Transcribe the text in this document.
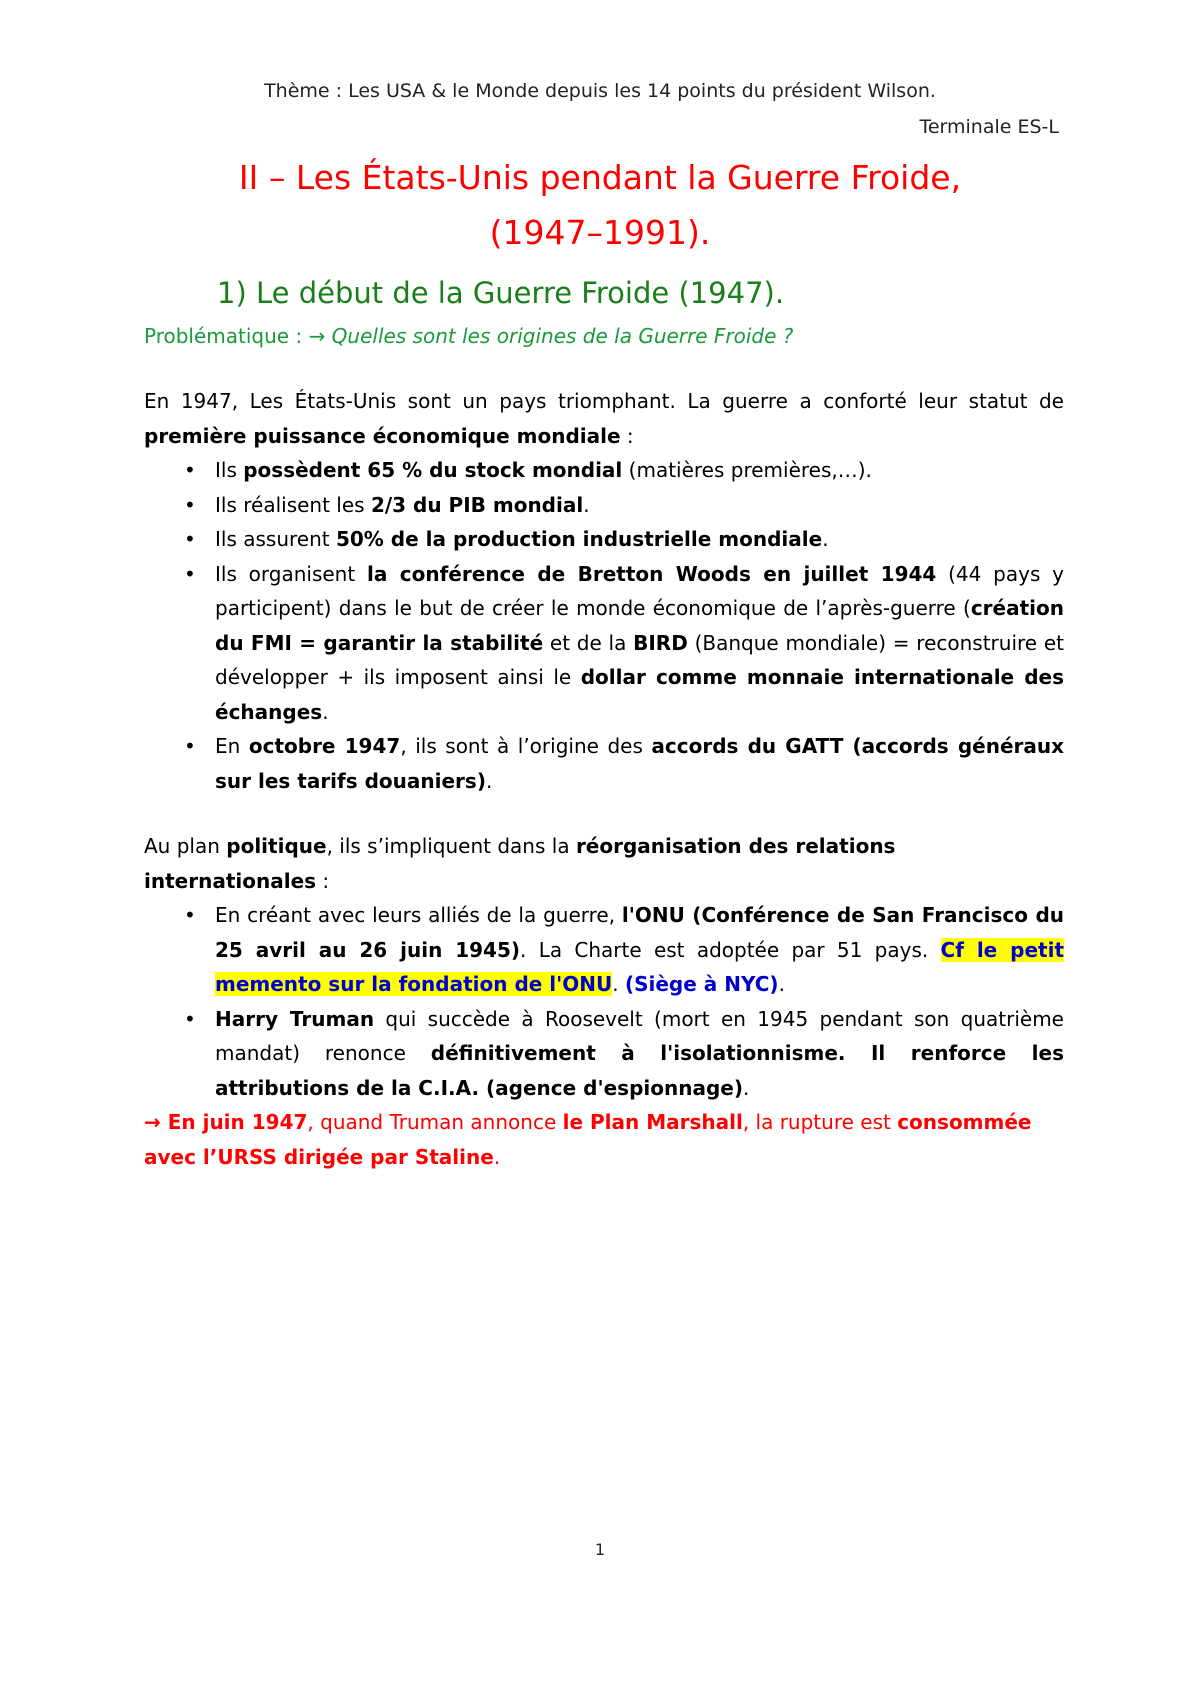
Thème : Les USA & le Monde depuis les 14 points du président Wilson.
Terminale ES-L
II – Les États-Unis pendant la Guerre Froide,
(1947–1991).
1) Le début de la Guerre Froide (1947).
Problématique : → Quelles sont les origines de la Guerre Froide ?

En 1947, Les États-Unis sont un pays triomphant. La guerre a conforté leur statut de première puissance économique mondiale :

• Ils possèdent 65 % du stock mondial (matières premières,…).
• Ils réalisent les 2/3 du PIB mondial.
• Ils assurent 50% de la production industrielle mondiale.
• Ils organisent la conférence de Bretton Woods en juillet 1944 (44 pays y participent) dans le but de créer le monde économique de l’après-guerre (création du FMI = garantir la stabilité et de la BIRD (Banque mondiale) = reconstruire et développer + ils imposent ainsi le dollar comme monnaie internationale des échanges.
• En octobre 1947, ils sont à l’origine des accords du GATT (accords généraux sur les tarifs douaniers).

Au plan politique, ils s’impliquent dans la réorganisation des relations internationales :

• En créant avec leurs alliés de la guerre, l'ONU (Conférence de San Francisco du 25 avril au 26 juin 1945). La Charte est adoptée par 51 pays. Cf le petit memento sur la fondation de l'ONU. (Siège à NYC).
• Harry Truman qui succède à Roosevelt (mort en 1945 pendant son quatrième mandat) renonce définitivement à l'isolationnisme. Il renforce les attributions de la C.I.A. (agence d'espionnage).

→ En juin 1947, quand Truman annonce le Plan Marshall, la rupture est consommée avec l’URSS dirigée par Staline.

1
